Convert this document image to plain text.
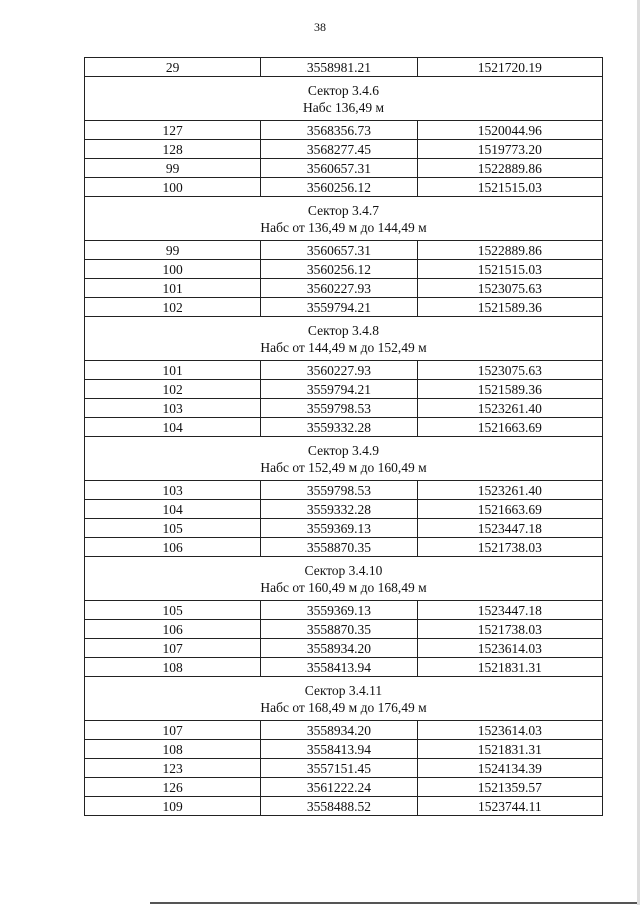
38
29	3558981.21	1521720.19

Сектор 3.4.6
Набс 136,49 м		

127	3568356.73	1520044.96
128	3568277.45	1519773.20
99	3560657.31	1522889.86
100	3560256.12	1521515.03

Сектор 3.4.7
Набс от 136,49 м до 144,49 м		

99	3560657.31	1522889.86
100	3560256.12	1521515.03
101	3560227.93	1523075.63
102	3559794.21	1521589.36

Сектор 3.4.8
Набс от 144,49 м до 152,49 м		

101	3560227.93	1523075.63
102	3559794.21	1521589.36
103	3559798.53	1523261.40
104	3559332.28	1521663.69

Сектор 3.4.9
Набс от 152,49 м до 160,49 м		

103	3559798.53	1523261.40
104	3559332.28	1521663.69
105	3559369.13	1523447.18
106	3558870.35	1521738.03

Сектор 3.4.10
Набс от 160,49 м до 168,49 м		

105	3559369.13	1523447.18
106	3558870.35	1521738.03
107	3558934.20	1523614.03
108	3558413.94	1521831.31

Сектор 3.4.11
Набс от 168,49 м до 176,49 м		

107	3558934.20	1523614.03
108	3558413.94	1521831.31
123	3557151.45	1524134.39
126	3561222.24	1521359.57
109	3558488.52	1523744.11
